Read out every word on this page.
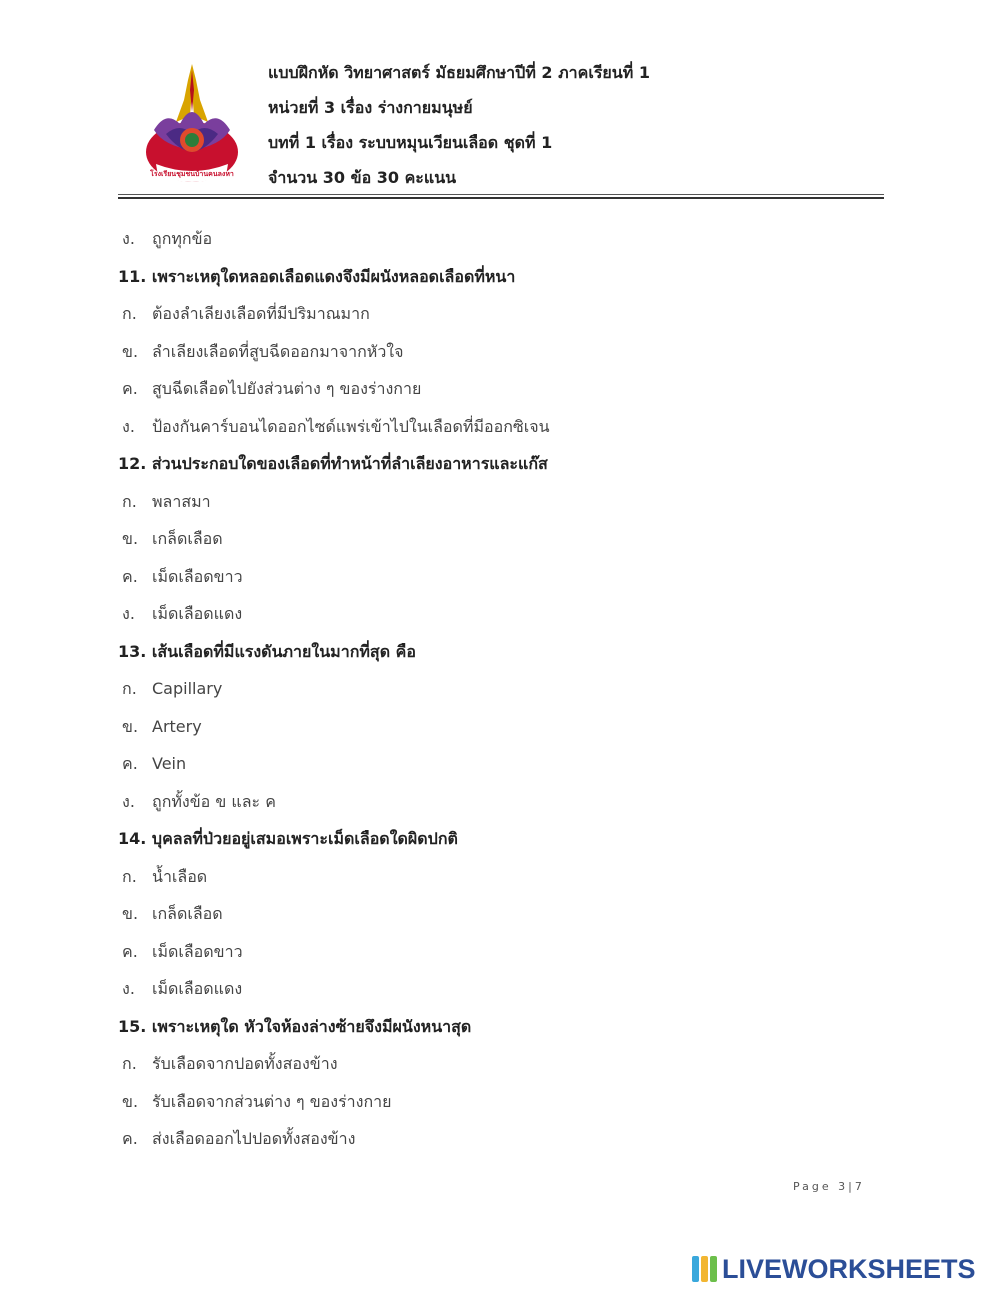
โรงเรียนชุมชนบ้านคนลงหา
แบบฝึกหัด วิทยาศาสตร์ มัธยมศึกษาปีที่ 2 ภาคเรียนที่ 1
หน่วยที่ 3 เรื่อง ร่างกายมนุษย์
บทที่ 1 เรื่อง ระบบหมุนเวียนเลือด ชุดที่ 1
จำนวน 30 ข้อ 30 คะแนน
ง. ถูกทุกข้อ
11. เพราะเหตุใดหลอดเลือดแดงจึงมีผนังหลอดเลือดที่หนา
ก. ต้องลำเลียงเลือดที่มีปริมาณมาก
ข. ลำเลียงเลือดที่สูบฉีดออกมาจากหัวใจ
ค. สูบฉีดเลือดไปยังส่วนต่าง ๆ ของร่างกาย
ง. ป้องกันคาร์บอนไดออกไซด์แพร่เข้าไปในเลือดที่มีออกซิเจน
12. ส่วนประกอบใดของเลือดที่ทำหน้าที่ลำเลียงอาหารและแก๊ส
ก. พลาสมา
ข. เกล็ดเลือด
ค. เม็ดเลือดขาว
ง. เม็ดเลือดแดง
13. เส้นเลือดที่มีแรงดันภายในมากที่สุด คือ
ก. Capillary
ข. Artery
ค. Vein
ง. ถูกทั้งข้อ ข และ ค
14. บุคลลที่ป่วยอยู่เสมอเพราะเม็ดเลือดใดผิดปกติ
ก. น้ำเลือด
ข. เกล็ดเลือด
ค. เม็ดเลือดขาว
ง. เม็ดเลือดแดง
15. เพราะเหตุใด หัวใจห้องล่างซ้ายจึงมีผนังหนาสุด
ก. รับเลือดจากปอดทั้งสองข้าง
ข. รับเลือดจากส่วนต่าง ๆ ของร่างกาย
ค. ส่งเลือดออกไปปอดทั้งสองข้าง
Page 3|7
LIVEWORKSHEETS
